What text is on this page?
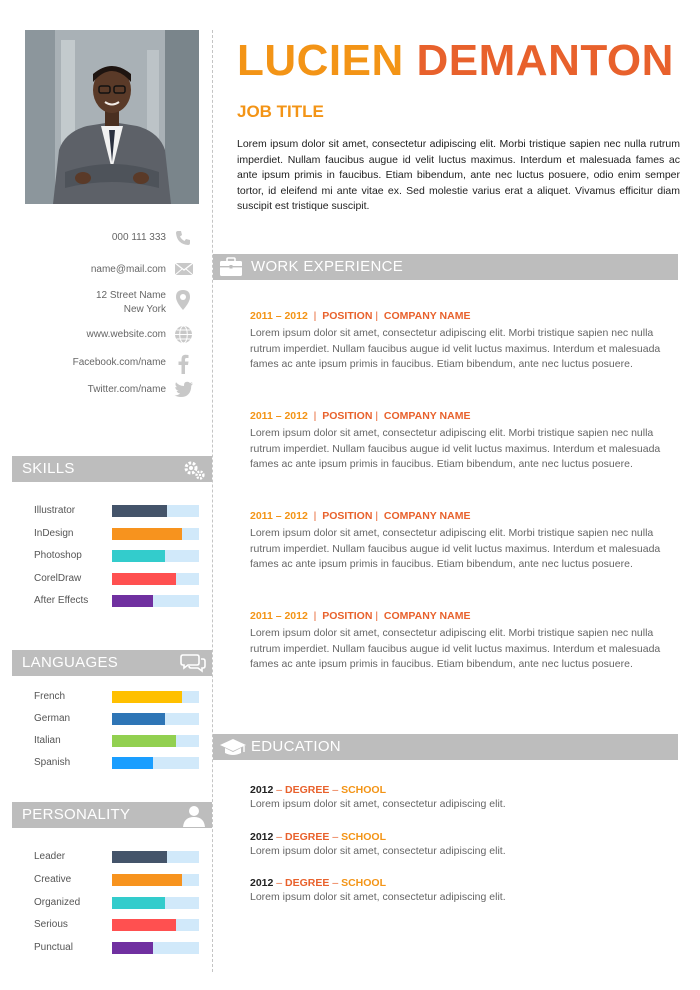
000 111 333
name@mail.com
12 Street Name
New York
www.website.com
Facebook.com/name
Twitter.com/name
SKILLS
Illustrator
InDesign
Photoshop
CorelDraw
After Effects
LANGUAGES
French
German
Italian
Spanish
PERSONALITY
Leader
Creative
Organized
Serious
Punctual
LUCIEN DEMANTON
JOB TITLE
Lorem ipsum dolor sit amet, consectetur adipiscing elit. Morbi tristique sapien nec nulla rutrum imperdiet. Nullam faucibus augue id velit luctus maximus. Interdum et malesuada fames ac ante ipsum primis in faucibus. Etiam bibendum, ante nec luctus posuere, odio enim semper tortor, id eleifend mi ante vitae ex. Sed molestie varius erat a aliquet. Vivamus efficitur diam suscipit est tristique suscipit.
WORK EXPERIENCE
2011 – 2012 | POSITION | COMPANY NAME
Lorem ipsum dolor sit amet, consectetur adipiscing elit. Morbi tristique sapien nec nulla rutrum imperdiet. Nullam faucibus augue id velit luctus maximus. Interdum et malesuada fames ac ante ipsum primis in faucibus. Etiam bibendum, ante nec luctus posuere.
2011 – 2012 | POSITION | COMPANY NAME
Lorem ipsum dolor sit amet, consectetur adipiscing elit. Morbi tristique sapien nec nulla rutrum imperdiet. Nullam faucibus augue id velit luctus maximus. Interdum et malesuada fames ac ante ipsum primis in faucibus. Etiam bibendum, ante nec luctus posuere.
2011 – 2012 | POSITION | COMPANY NAME
Lorem ipsum dolor sit amet, consectetur adipiscing elit. Morbi tristique sapien nec nulla rutrum imperdiet. Nullam faucibus augue id velit luctus maximus. Interdum et malesuada fames ac ante ipsum primis in faucibus. Etiam bibendum, ante nec luctus posuere.
2011 – 2012 | POSITION | COMPANY NAME
Lorem ipsum dolor sit amet, consectetur adipiscing elit. Morbi tristique sapien nec nulla rutrum imperdiet. Nullam faucibus augue id velit luctus maximus. Interdum et malesuada fames ac ante ipsum primis in faucibus. Etiam bibendum, ante nec luctus posuere.
EDUCATION
2012 – DEGREE – SCHOOL
Lorem ipsum dolor sit amet, consectetur adipiscing elit.
2012 – DEGREE – SCHOOL
Lorem ipsum dolor sit amet, consectetur adipiscing elit.
2012 – DEGREE – SCHOOL
Lorem ipsum dolor sit amet, consectetur adipiscing elit.
